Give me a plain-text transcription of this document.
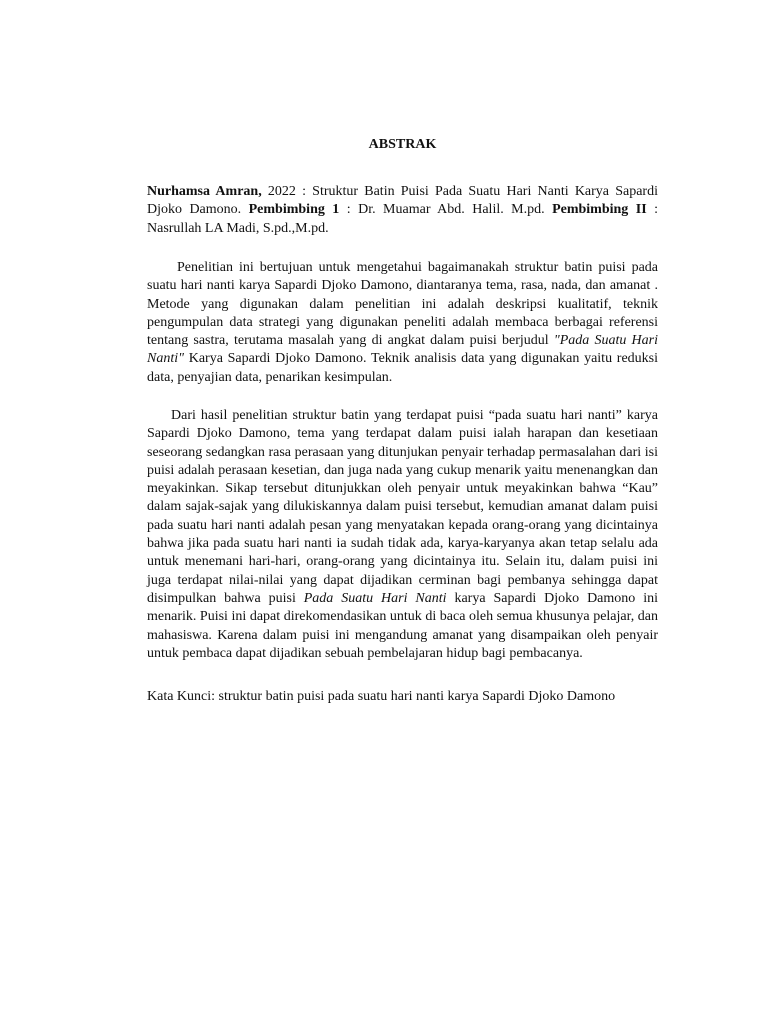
ABSTRAK

Nurhamsa Amran, 2022 : Struktur Batin Puisi Pada Suatu Hari Nanti Karya Sapardi Djoko Damono. Pembimbing 1 : Dr. Muamar Abd. Halil. M.pd. Pembimbing II : Nasrullah LA Madi, S.pd.,M.pd.

Penelitian ini bertujuan untuk mengetahui bagaimanakah struktur batin puisi pada suatu hari nanti karya Sapardi Djoko Damono, diantaranya tema, rasa, nada, dan amanat . Metode yang digunakan dalam penelitian ini adalah deskripsi kualitatif, teknik pengumpulan data strategi yang digunakan peneliti adalah membaca berbagai referensi tentang sastra, terutama masalah yang di angkat dalam puisi berjudul "Pada Suatu Hari Nanti" Karya Sapardi Djoko Damono. Teknik analisis data yang digunakan yaitu reduksi data, penyajian data, penarikan kesimpulan.

Dari hasil penelitian struktur batin yang terdapat puisi “pada suatu hari nanti” karya Sapardi Djoko Damono, tema yang terdapat dalam puisi ialah harapan dan kesetiaan seseorang sedangkan rasa perasaan yang ditunjukan penyair terhadap permasalahan dari isi puisi adalah perasaan kesetian, dan juga nada yang cukup menarik yaitu menenangkan dan meyakinkan. Sikap tersebut ditunjukkan oleh penyair untuk meyakinkan bahwa “Kau” dalam sajak-sajak yang dilukiskannya dalam puisi tersebut, kemudian amanat dalam puisi pada suatu hari nanti adalah pesan yang menyatakan kepada orang-orang yang dicintainya bahwa jika pada suatu hari nanti ia sudah tidak ada, karya-karyanya akan tetap selalu ada untuk menemani hari-hari, orang-orang yang dicintainya itu. Selain itu, dalam puisi ini juga terdapat nilai-nilai yang dapat dijadikan cerminan bagi pembanya sehingga dapat disimpulkan bahwa puisi Pada Suatu Hari Nanti karya Sapardi Djoko Damono ini menarik. Puisi ini dapat direkomendasikan untuk di baca oleh semua khusunya pelajar, dan mahasiswa. Karena dalam puisi ini mengandung amanat yang disampaikan oleh penyair untuk pembaca dapat dijadikan sebuah pembelajaran hidup bagi pembacanya.

Kata Kunci: struktur batin puisi pada suatu hari nanti karya Sapardi Djoko Damono
